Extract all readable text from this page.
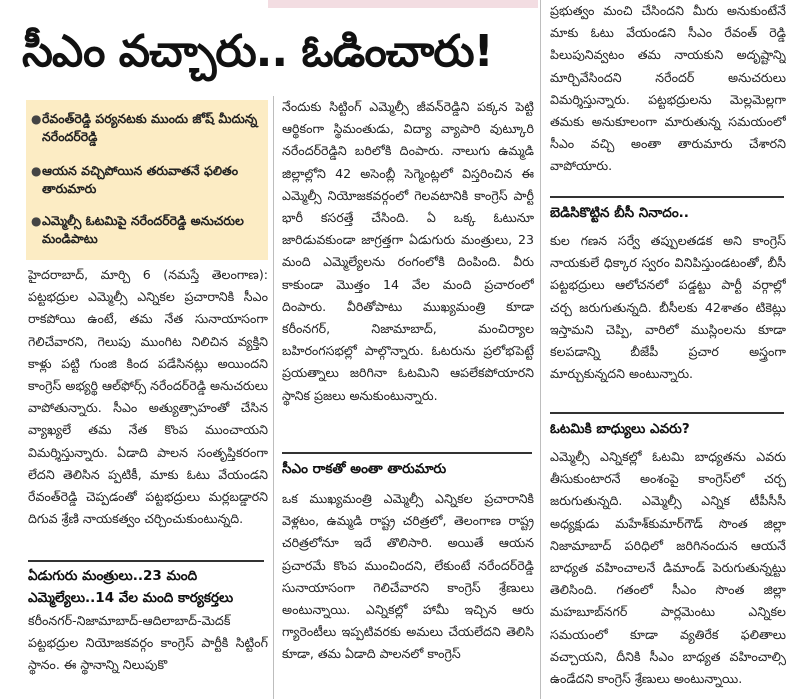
సీఎం వచ్చారు.. ఓడించారు!
● రేవంత్‌రెడ్డి పర్యనటకు ముందు జోష్ మీదున్న నరేందర్‌రెడ్డి
● ఆయన వచ్చిపోయిన తరువాతనే ఫలితం తారుమారు
● ఎమ్మెల్సీ ఓటమిపై నరేందర్‌రెడ్డి అనుచరుల మండిపాటు

హైదరాబాద్, మార్చి 6 (నమస్తే తెలంగాణ): పట్టభద్రుల ఎమ్మెల్సీ ఎన్నికల ప్రచారానికి సీఎం రాకపోయి ఉంటే, తమ నేత సునాయాసంగా గెలిచేవారని, గెలుపు ముంగిట నిలిచిన వ్యక్తిని కాళ్లు పట్టి గుంజి కింద పడేసినట్లు అయిందని కాంగ్రెస్ అభ్యర్థి ఆల్‌ఫోర్స్ నరేందర్‌రెడ్డి అనుచరులు వాపోతున్నారు. సీఎం అత్యుత్సాహంతో చేసిన వ్యాఖ్యలే తమ నేత కొంప ముంచాయని విమర్శిస్తున్నారు. ఏడాది పాలన సంతృప్తికరంగా లేదని తెలిసిన ప్పటికీ, మాకు ఓటు వేయండని రేవంత్‌రెడ్డి చెప్పడంతో పట్టభద్రులు మర్లబడ్డారని దిగువ శ్రేణి నాయకత్వం చర్చించుకుంటున్నది.

ఏడుగురు మంత్రులు..23 మంది ఎమ్మెల్యేలు..14 వేల మంది కార్యకర్తలు

కరీంనగర్-నిజామాబాద్-ఆదిలాబాద్-మెదక్ పట్టభద్రుల నియోజకవర్గం కాంగ్రెస్ పార్టీకి సిట్టింగ్ స్థానం. ఈ స్థానాన్ని నిలుపుకొ

నేందుకు సిట్టింగ్ ఎమ్మెల్సీ జీవన్‌రెడ్డిని పక్కన పెట్టి ఆర్థికంగా స్థిమంతుడు, విద్యా వ్యాపారి వుట్కూరి నరేందర్‌రెడ్డిని బరిలోకి దింపారు. నాలుగు ఉమ్మడి జిల్లాల్లోని 42 అసెంబ్లీ సెగ్మెంట్లలో విస్తరించిన ఈ ఎమ్మెల్సీ నియోజకవర్గంలో గెలవటానికి కాంగ్రెస్ పార్టీ భారీ కసరత్తే చేసింది. ఏ ఒక్క ఓటునూ జారిడువకుండా జాగ్రత్తగా ఏడుగురు మంత్రులు, 23 మంది ఎమ్మెల్యేలను రంగంలోకి దింపింది. వీరు కాకుండా మొత్తం 14 వేల మంది ప్రచారంలో దింపారు. వీరితోపాటు ముఖ్యమంత్రి కూడా కరీంనగర్, నిజామాబాద్, మంచిర్యాల బహిరంగసభల్లో పాల్గొన్నారు. ఓటరును ప్రలోభపెట్టే ప్రయత్నాలు జరిగినా ఓటమిని ఆపలేకపోయారని స్థానిక ప్రజలు అనుకుంటున్నారు.

సీఎం రాకతో అంతా తారుమారు

ఒక ముఖ్యమంత్రి ఎమ్మెల్సీ ఎన్నికల ప్రచారానికి వెళ్లటం, ఉమ్మడి రాష్ట్ర చరిత్రలో, తెలంగాణ రాష్ట్ర చరిత్రలోనూ ఇదే తొలిసారి. అయితే ఆయన ప్రచారమే కొంప ముంచిందని, లేకుంటే నరేందర్‌రెడ్డి సునాయాసంగా గెలిచేవారని కాంగ్రెస్ శ్రేణులు అంటున్నాయి. ఎన్నికల్లో హామీ ఇచ్చిన ఆరు గ్యారెంటీలు ఇప్పటివరకు అమలు చేయలేదని తెలిసి కూడా, తమ ఏడాది పాలనలో కాంగ్రెస్

ప్రభుత్వం మంచి చేసిందని మీరు అనుకుంటేనే మాకు ఓటు వేయండని సీఎం రేవంత్ రెడ్డి పిలుపునివ్వటం తమ నాయకుని అదృష్టాన్ని మార్చివేసిందని నరేందర్ అనుచరులు విమర్శిస్తున్నారు. పట్టభద్రులను మెల్లమెల్లగా తమకు అనుకూలంగా మారుతున్న సమయంలో సీఎం వచ్చి అంతా తారుమారు చేశారని వాపోయారు.

బెడిసికొట్టిన బీసీ నినాదం..

కుల గణన సర్వే తప్పులతడక అని కాంగ్రెస్ నాయకులే ధిక్కార స్వరం వినిపిస్తుండటంతో, బీసీ పట్టభద్రులు ఆలోచనలో పడ్డట్టు పార్టీ వర్గాల్లో చర్చ జరుగుతున్నది. బీసీలకు 42శాతం టికెట్లు ఇస్తామని చెప్పి, వారిలో ముస్లింలను కూడా కలపడాన్ని బీజేపీ ప్రచార అస్త్రంగా మార్చుకున్నదని అంటున్నారు.

ఓటమికి బాధ్యులు ఎవరు?

ఎమ్మెల్సీ ఎన్నికల్లో ఓటమి బాధ్యతను ఎవరు తీసుకుంటారనే అంశంపై కాంగ్రెస్‌లో చర్చ జరుగుతున్నది. ఎమ్మెల్సీ ఎన్నిక టీపీసీసీ అధ్యక్షుడు మహేశ్‌కుమార్‌గౌడ్ సొంత జిల్లా నిజామాబాద్ పరిధిలో జరిగినందున ఆయనే బాధ్యత వహించాలనే డిమాండ్ పెరుగుతున్నట్టు తెలిసింది. గతంలో సీఎం సొంత జిల్లా మహబూబ్‌నగర్ పార్లమెంటు ఎన్నికల సమయంలో కూడా వ్యతిరేక ఫలితాలు వచ్చాయని, దీనికి సీఎం బాధ్యత వహించాల్సి ఉండేదని కాంగ్రెస్ శ్రేణులు అంటున్నాయి.
